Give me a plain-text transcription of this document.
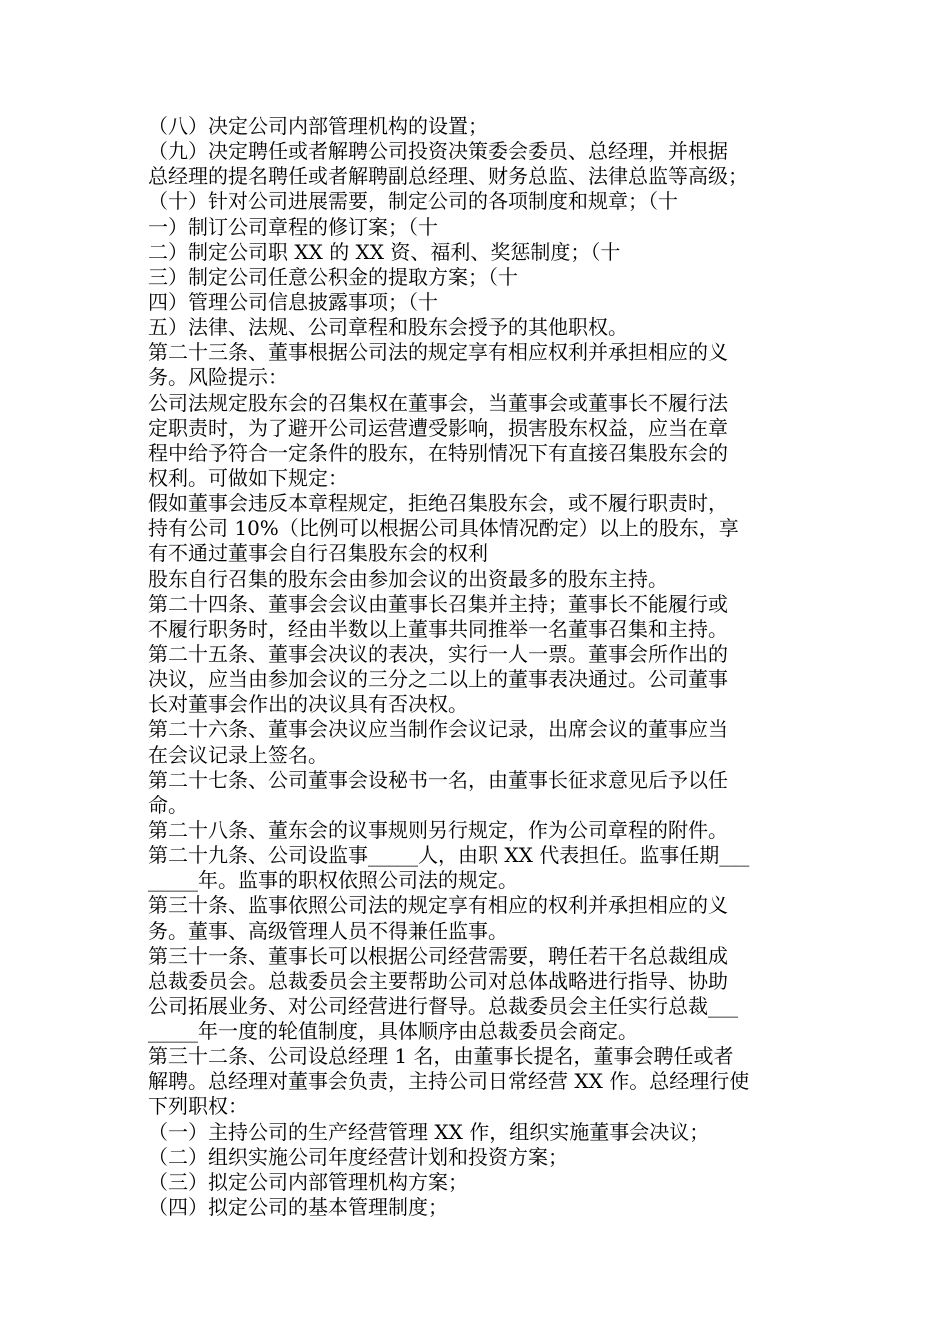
（八）决定公司内部管理机构的设置；
（九）决定聘任或者解聘公司投资决策委会委员、总经理，并根据
总经理的提名聘任或者解聘副总经理、财务总监、法律总监等高级；
（十）针对公司进展需要，制定公司的各项制度和规章；（十
一）制订公司章程的修订案；（十
二）制定公司职 XX 的 XX 资、福利、奖惩制度；（十
三）制定公司任意公积金的提取方案；（十
四）管理公司信息披露事项；（十
五）法律、法规、公司章程和股东会授予的其他职权。
第二十三条、董事根据公司法的规定享有相应权利并承担相应的义
务。风险提示：
公司法规定股东会的召集权在董事会，当董事会或董事长不履行法
定职责时，为了避开公司运营遭受影响，损害股东权益，应当在章
程中给予符合一定条件的股东，在特别情况下有直接召集股东会的
权利。可做如下规定：
假如董事会违反本章程规定，拒绝召集股东会，或不履行职责时，
持有公司 10%（比例可以根据公司具体情况酌定）以上的股东，享
有不通过董事会自行召集股东会的权利
股东自行召集的股东会由参加会议的出资最多的股东主持。
第二十四条、董事会会议由董事长召集并主持；董事长不能履行或
不履行职务时，经由半数以上董事共同推举一名董事召集和主持。
第二十五条、董事会决议的表决，实行一人一票。董事会所作出的
决议，应当由参加会议的三分之二以上的董事表决通过。公司董事
长对董事会作出的决议具有否决权。
第二十六条、董事会决议应当制作会议记录，出席会议的董事应当
在会议记录上签名。
第二十七条、公司董事会设秘书一名，由董事长征求意见后予以任
命。
第二十八条、董东会的议事规则另行规定，作为公司章程的附件。
第二十九条、公司设监事_____人，由职 XX 代表担任。监事任期___
_____年。监事的职权依照公司法的规定。
第三十条、监事依照公司法的规定享有相应的权利并承担相应的义
务。董事、高级管理人员不得兼任监事。
第三十一条、董事长可以根据公司经营需要，聘任若干名总裁组成
总裁委员会。总裁委员会主要帮助公司对总体战略进行指导、协助
公司拓展业务、对公司经营进行督导。总裁委员会主任实行总裁___
_____年一度的轮值制度，具体顺序由总裁委员会商定。
第三十二条、公司设总经理 1 名，由董事长提名，董事会聘任或者
解聘。总经理对董事会负责，主持公司日常经营 XX 作。总经理行使
下列职权：
（一）主持公司的生产经营管理 XX 作，组织实施董事会决议；
（二）组织实施公司年度经营计划和投资方案；
（三）拟定公司内部管理机构方案；
（四）拟定公司的基本管理制度；
